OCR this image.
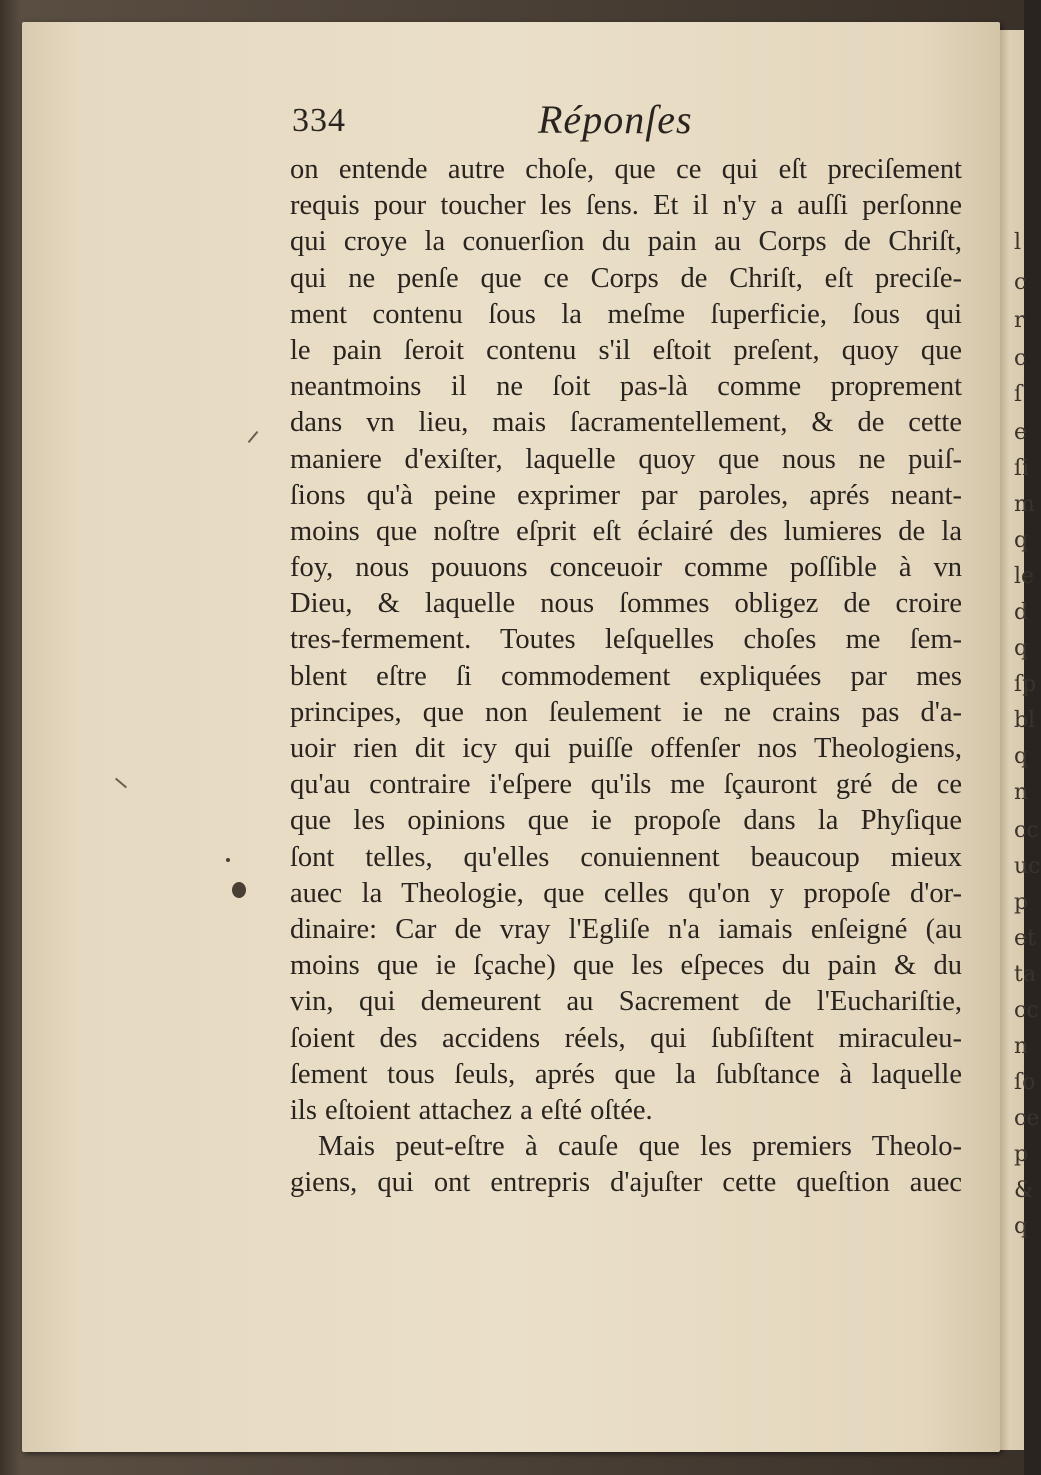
l
c
r
c
ſ
e
ſi
m
q
le
d
q
ſp
bl
q
n
cc
uc
p
et
ta
cc
n
ſo
ce
p
&
q
334	Réponſes
on entende autre choſe, que ce qui eſt preciſement
requis pour toucher les ſens. Et il n'y a auſſi perſonne
qui croye la conuerſion du pain au Corps de Chriſt,
qui ne penſe que ce Corps de Chriſt, eſt preciſe-
ment contenu ſous la meſme ſuperficie, ſous qui
le pain ſeroit contenu s'il eſtoit preſent, quoy que
neantmoins il ne ſoit pas-là comme proprement
dans vn lieu, mais ſacramentellement, & de cette
maniere d'exiſter, laquelle quoy que nous ne puiſ-
ſions qu'à peine exprimer par paroles, aprés neant-
moins que noſtre eſprit eſt éclairé des lumieres de la
foy, nous pouuons conceuoir comme poſſible à vn
Dieu, & laquelle nous ſommes obligez de croire
tres-fermement. Toutes leſquelles choſes me ſem-
blent eſtre ſi commodement expliquées par mes
principes, que non ſeulement ie ne crains pas d'a-
uoir rien dit icy qui puiſſe offenſer nos Theologiens,
qu'au contraire i'eſpere qu'ils me ſçauront gré de ce
que les opinions que ie propoſe dans la Phyſique
ſont telles, qu'elles conuiennent beaucoup mieux
auec la Theologie, que celles qu'on y propoſe d'or-
dinaire: Car de vray l'Egliſe n'a iamais enſeigné (au
moins que ie ſçache) que les eſpeces du pain & du
vin, qui demeurent au Sacrement de l'Euchariſtie,
ſoient des accidens réels, qui ſubſiſtent miraculeu-
ſement tous ſeuls, aprés que la ſubſtance à laquelle
ils eſtoient attachez a eſté oſtée.
Mais peut-eſtre à cauſe que les premiers Theolo-
giens, qui ont entrepris d'ajuſter cette queſtion auec
